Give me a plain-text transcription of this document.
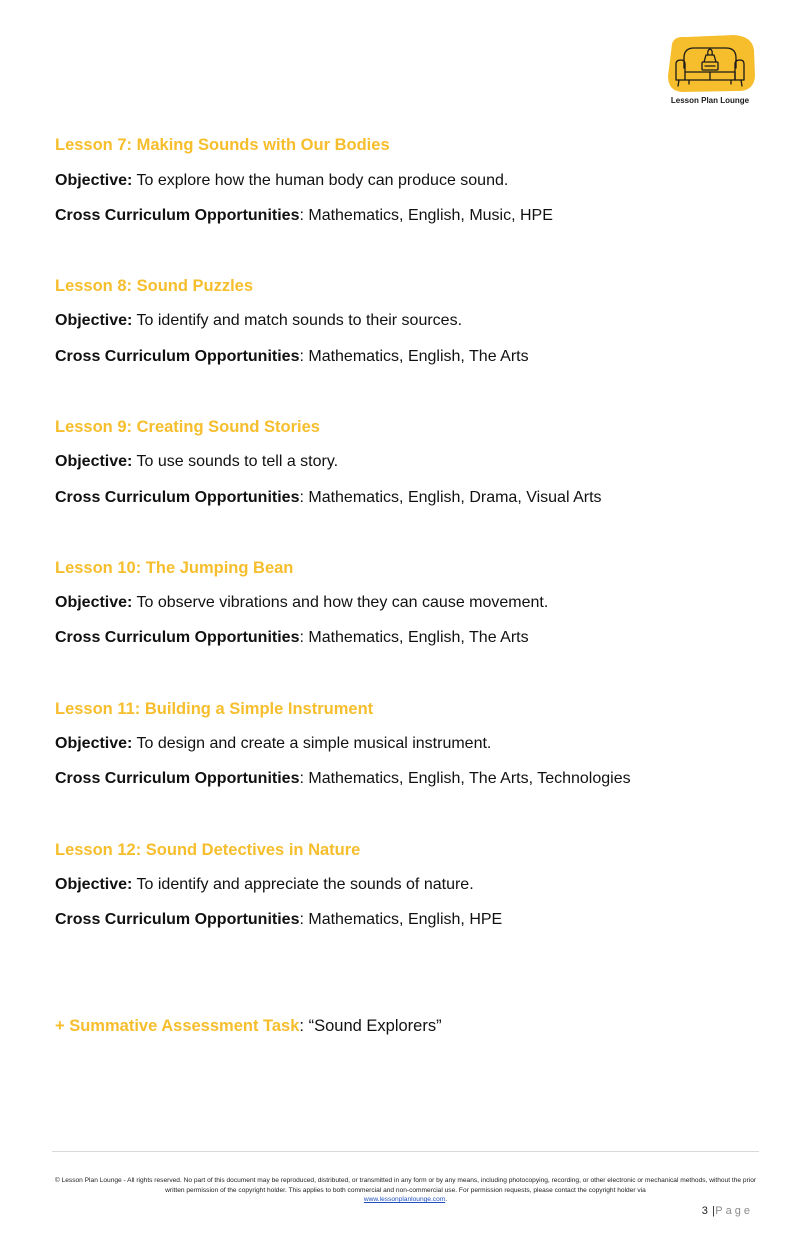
Lesson Plan Lounge

Lesson 7: Making Sounds with Our Bodies

Objective: To explore how the human body can produce sound.

Cross Curriculum Opportunities: Mathematics, English, Music, HPE

Lesson 8: Sound Puzzles

Objective: To identify and match sounds to their sources.

Cross Curriculum Opportunities: Mathematics, English, The Arts

Lesson 9: Creating Sound Stories

Objective: To use sounds to tell a story.

Cross Curriculum Opportunities: Mathematics, English, Drama, Visual Arts

Lesson 10: The Jumping Bean

Objective: To observe vibrations and how they can cause movement.

Cross Curriculum Opportunities: Mathematics, English, The Arts

Lesson 11: Building a Simple Instrument

Objective: To design and create a simple musical instrument.

Cross Curriculum Opportunities: Mathematics, English, The Arts, Technologies

Lesson 12: Sound Detectives in Nature

Objective: To identify and appreciate the sounds of nature.

Cross Curriculum Opportunities: Mathematics, English, HPE

+ Summative Assessment Task: “Sound Explorers”
© Lesson Plan Lounge - All rights reserved. No part of this document may be reproduced, distributed, or transmitted in any form or by any means, including photocopying, recording, or other electronic or mechanical methods, without the prior written permission of the copyright holder. This applies to both commercial and non-commercial use. For permission requests, please contact the copyright holder via
www.lessonplanlounge.com.
3 |Page
